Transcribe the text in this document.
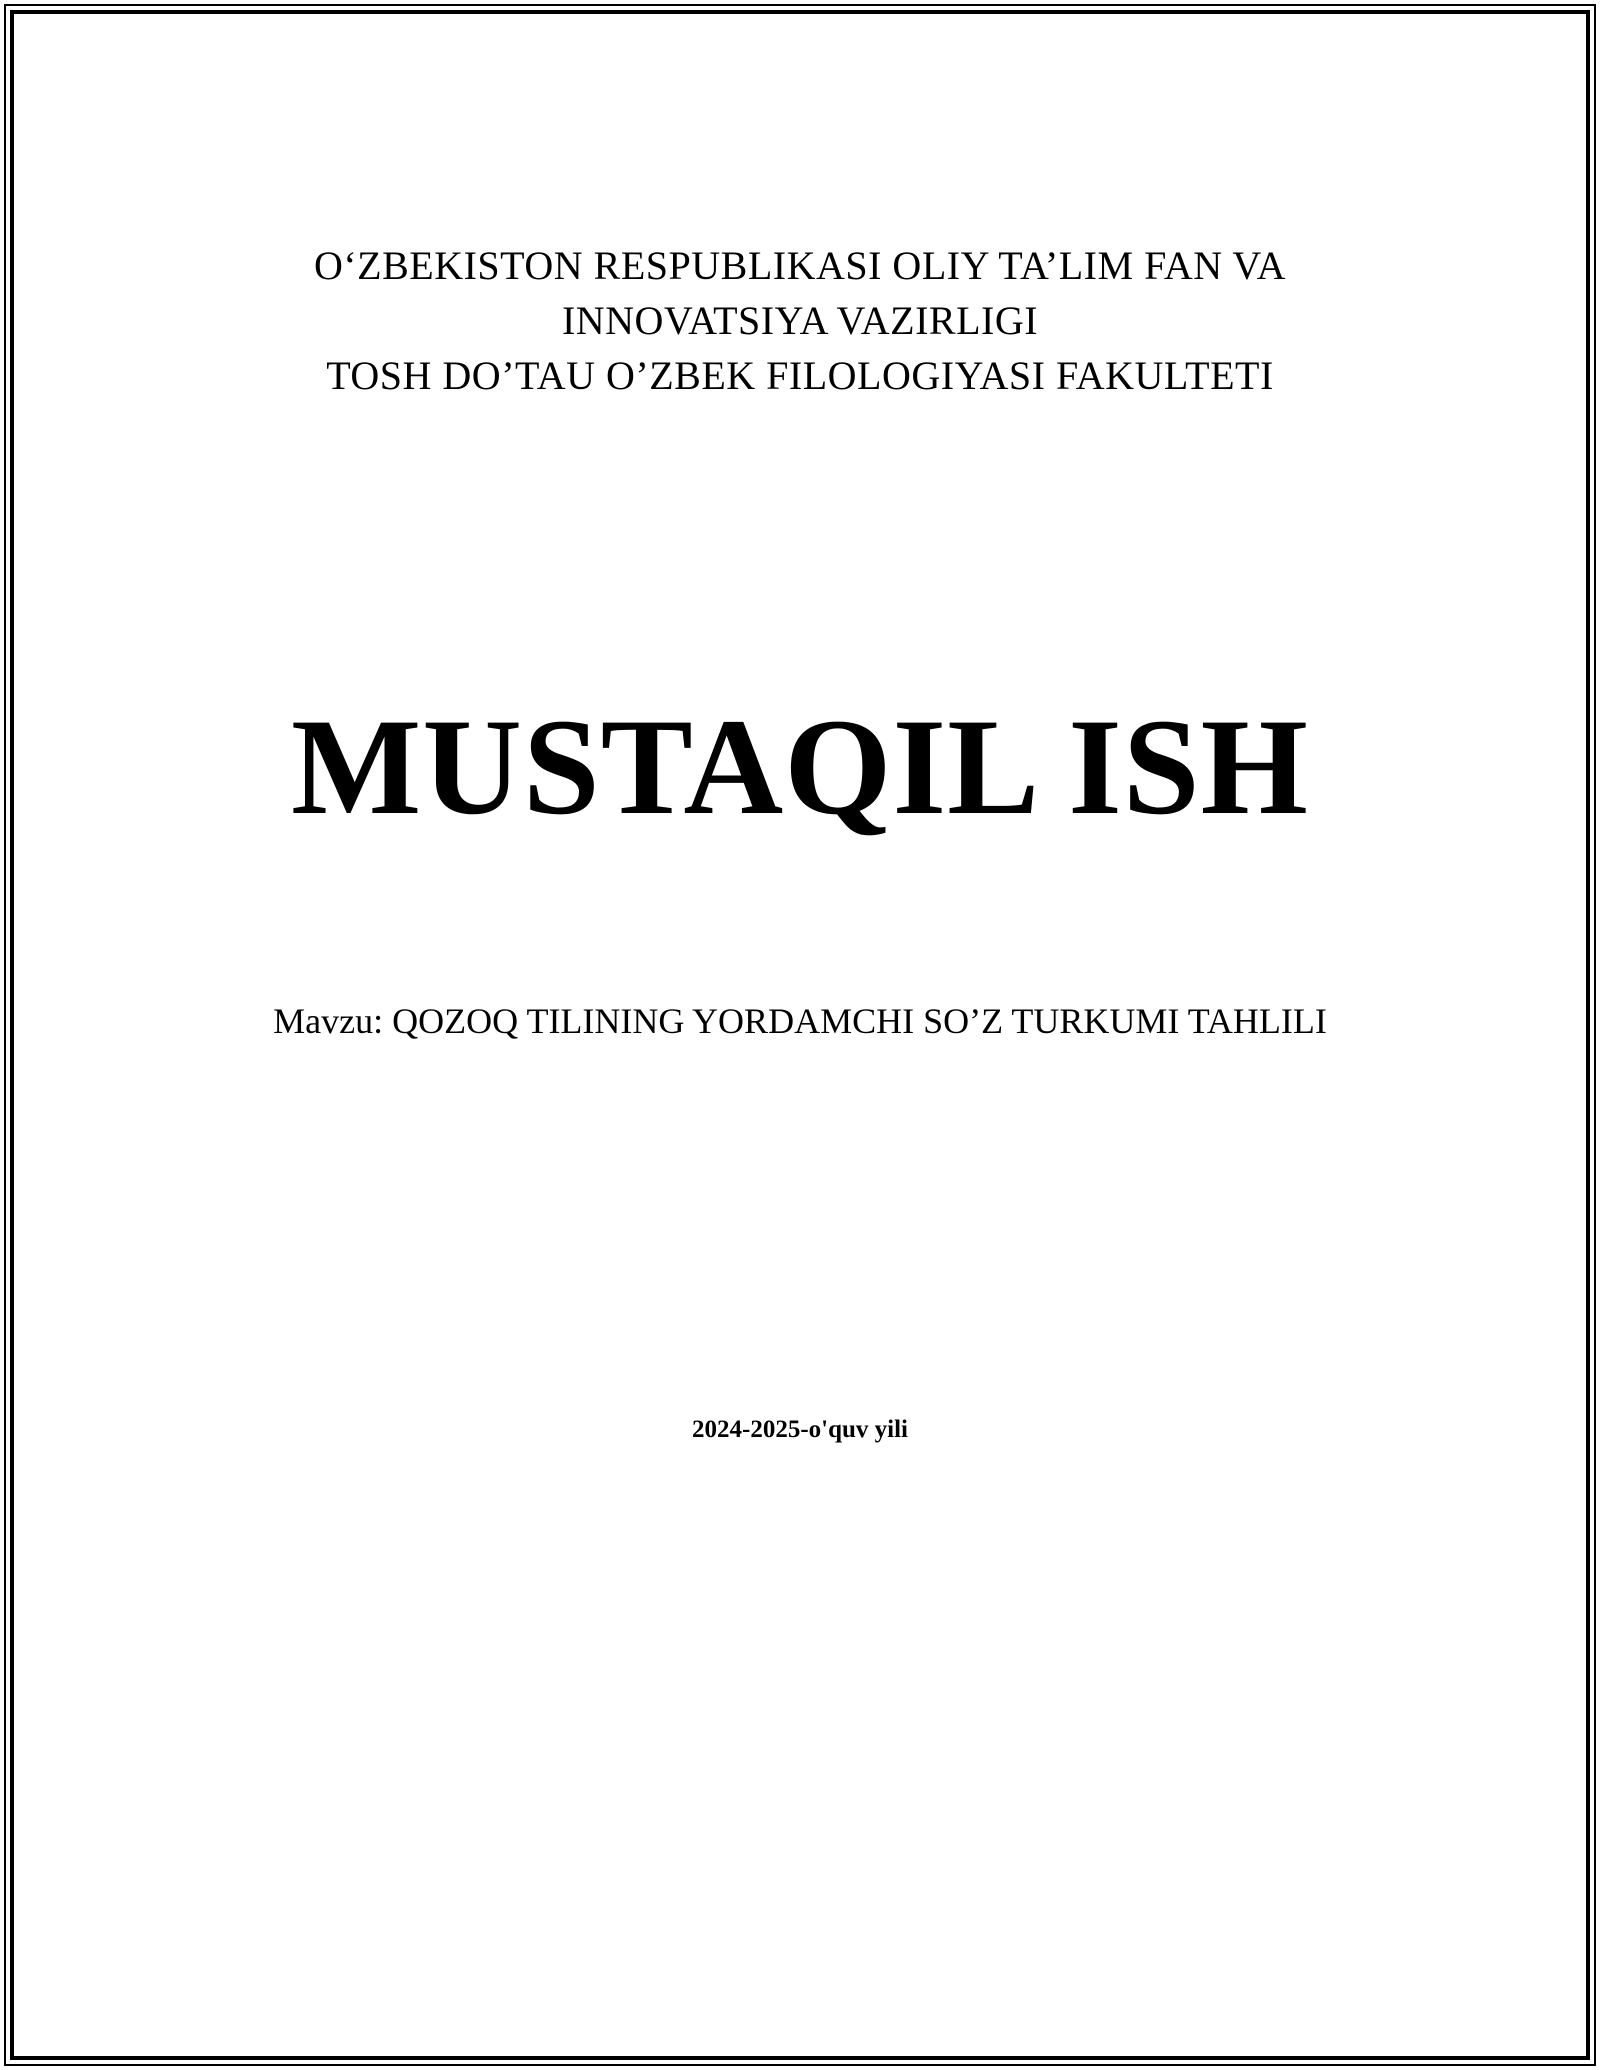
O‘ZBEKISTON RESPUBLIKASI OLIY TA’LIM FAN VA
INNOVATSIYA VAZIRLIGI
TOSH DO’TAU O’ZBEK FILOLOGIYASI FAKULTETI
MUSTAQIL ISH
Mavzu: QOZOQ TILINING YORDAMCHI SO’Z TURKUMI TAHLILI
2024-2025-o'quv yili
